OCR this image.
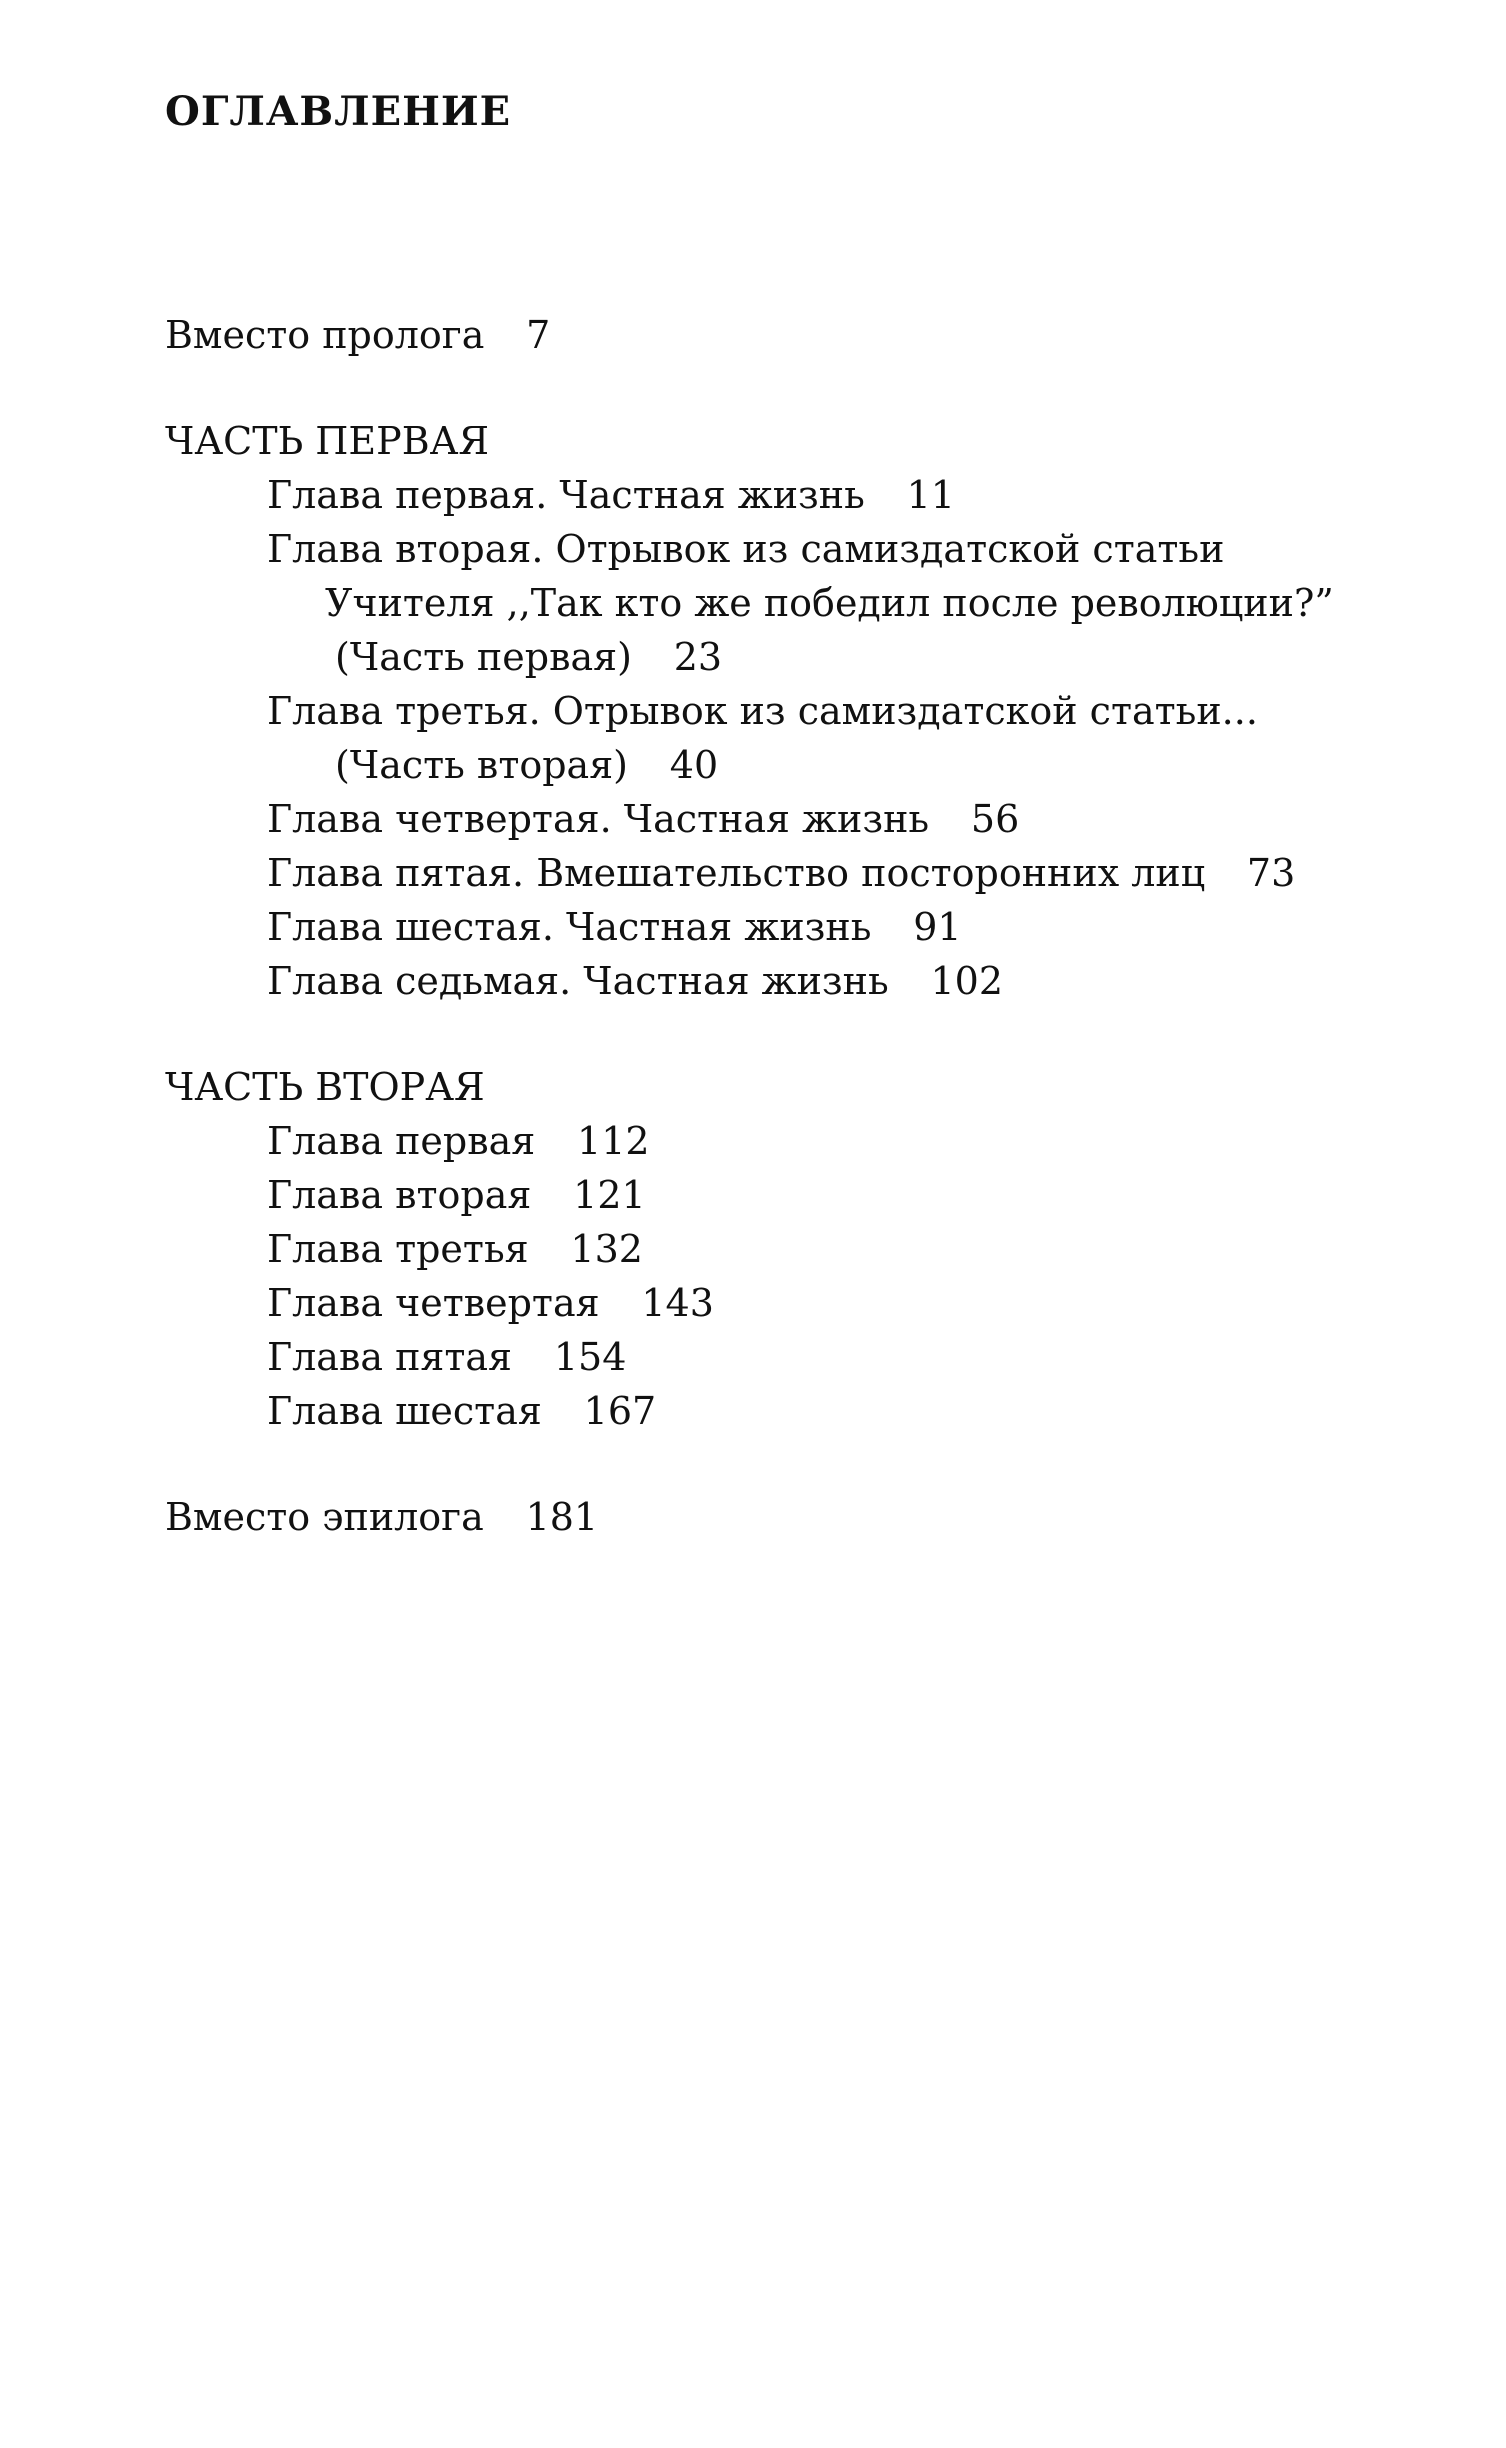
ОГЛАВЛЕНИЕ
Вместо пролога 7
ЧАСТЬ ПЕРВАЯ
Глава первая. Частная жизнь 11
Глава вторая. Отрывок из самиздатской статьи
Учителя ,,Так кто же победил после революции?”
(Часть первая) 23
Глава третья. Отрывок из самиздатской статьи...
(Часть вторая) 40
Глава четвертая. Частная жизнь 56
Глава пятая. Вмешательство посторонних лиц 73
Глава шестая. Частная жизнь 91
Глава седьмая. Частная жизнь 102
ЧАСТЬ ВТОРАЯ
Глава первая 112
Глава вторая 121
Глава третья 132
Глава четвертая 143
Глава пятая 154
Глава шестая 167
Вместо эпилога 181
